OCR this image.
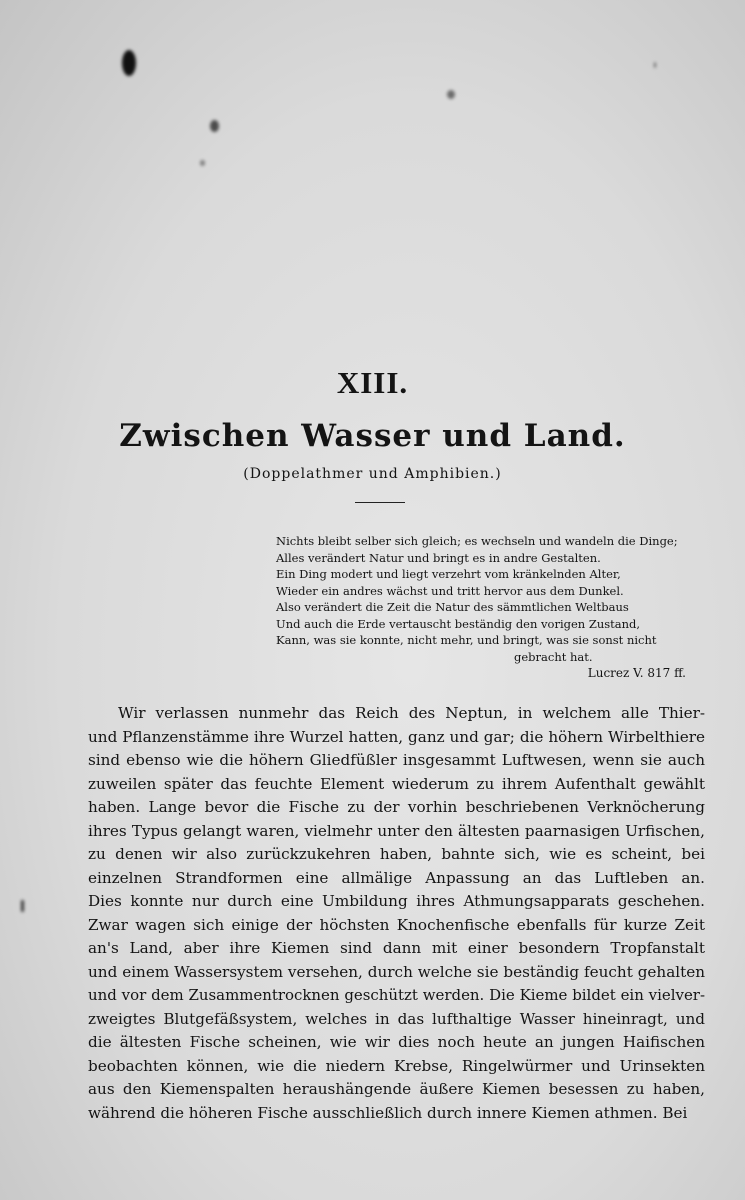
XIII.
Zwischen Wasser und Land.
(Doppelathmer und Amphibien.)
Nichts bleibt selber sich gleich; es wechseln und wandeln die Dinge;
Alles verändert Natur und bringt es in andre Gestalten.
Ein Ding modert und liegt verzehrt vom kränkelnden Alter,
Wieder ein andres wächst und tritt hervor aus dem Dunkel.
Also verändert die Zeit die Natur des sämmtlichen Weltbaus
Und auch die Erde vertauscht beständig den vorigen Zustand,
Kann, was sie konnte, nicht mehr, und bringt, was sie sonst nicht
gebracht hat.
Lucrez V. 817 ff.
Wir verlassen nunmehr das Reich des Neptun, in welchem alle Thier-
und Pflanzenstämme ihre Wurzel hatten, ganz und gar; die höhern Wirbelthiere
sind ebenso wie die höhern Gliedfüßler insgesammt Luftwesen, wenn sie auch
zuweilen später das feuchte Element wiederum zu ihrem Aufenthalt gewählt
haben. Lange bevor die Fische zu der vorhin beschriebenen Verknöcherung
ihres Typus gelangt waren, vielmehr unter den ältesten paarnasigen Urfischen,
zu denen wir also zurückzukehren haben, bahnte sich, wie es scheint, bei
einzelnen Strandformen eine allmälige Anpassung an das Luftleben an.
Dies konnte nur durch eine Umbildung ihres Athmungsapparats geschehen.
Zwar wagen sich einige der höchsten Knochenfische ebenfalls für kurze Zeit
an's Land, aber ihre Kiemen sind dann mit einer besondern Tropfanstalt
und einem Wassersystem versehen, durch welche sie beständig feucht gehalten
und vor dem Zusammentrocknen geschützt werden. Die Kieme bildet ein vielver-
zweigtes Blutgefäßsystem, welches in das lufthaltige Wasser hineinragt, und
die ältesten Fische scheinen, wie wir dies noch heute an jungen Haifischen
beobachten können, wie die niedern Krebse, Ringelwürmer und Urinsekten
aus den Kiemenspalten heraushängende äußere Kiemen besessen zu haben,
während die höheren Fische ausschließlich durch innere Kiemen athmen. Bei
